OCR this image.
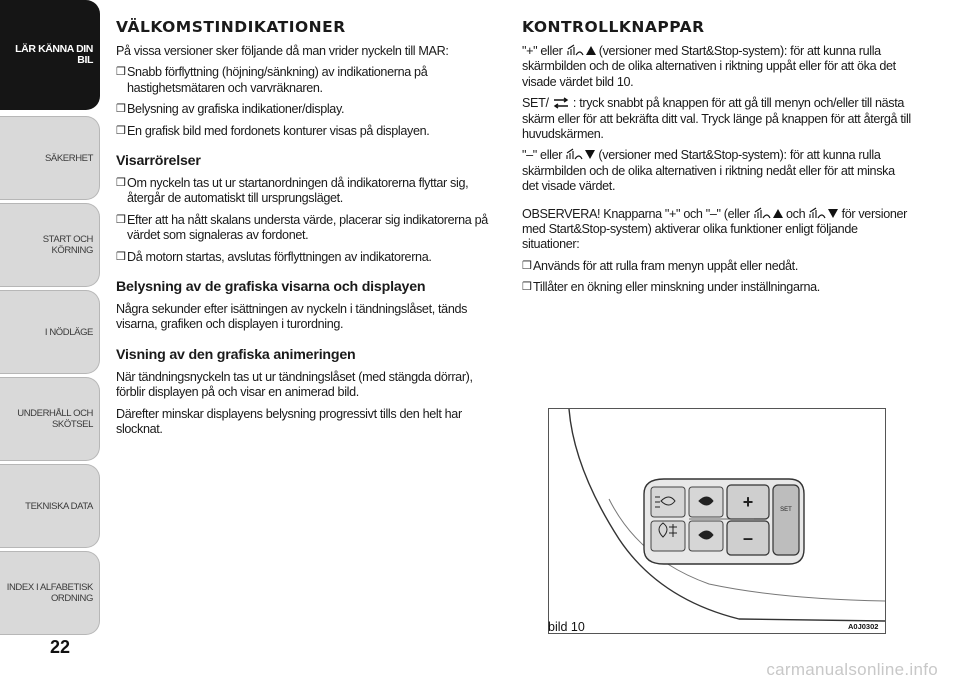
LÄR KÄNNA DIN
BIL
SÄKERHET
START OCH
KÖRNING
I NÖDLÄGE
UNDERHÅLL OCH
SKÖTSEL
TEKNISKA DATA
INDEX I ALFABETISK
ORDNING
22
VÄLKOMSTINDIKATIONER

På vissa versioner sker följande då man vrider nyckeln till MAR:

❒ Snabb förflyttning (höjning/sänkning) av indikationerna på hastighetsmätaren och varvräknaren.
❒ Belysning av grafiska indikationer/display.
❒ En grafisk bild med fordonets konturer visas på displayen.
Visarrörelser
❒ Om nyckeln tas ut ur startanordningen då indikatorerna flyttar sig, återgår de automatiskt till ursprungsläget.
❒ Efter att ha nått skalans understa värde, placerar sig indikatorerna på värdet som signaleras av fordonet.
❒ Då motorn startas, avslutas förflyttningen av indikatorerna.
Belysning av de grafiska visarna och displayen

Några sekunder efter isättningen av nyckeln i tändningslåset, tänds visarna, grafiken och displayen i turordning.

Visning av den grafiska animeringen

När tändningsnyckeln tas ut ur tändningslåset (med stängda dörrar), förblir displayen på och visar en animerad bild.

Därefter minskar displayens belysning progressivt tills den helt har slocknat.

KONTROLLKNAPPAR

"+" eller	(versioner med Start&Stop-system): för att kunna rulla skärmbilden och de olika alternativen i riktning uppåt eller för att öka det visade värdet bild 10.

SET/ : tryck snabbt på knappen för att gå till menyn och/eller till nästa skärm eller för att bekräfta ditt val. Tryck länge på knappen för att återgå till huvudskärmen.

"–" eller	(versioner med Start&Stop-system): för att kunna rulla skärmbilden och de olika alternativen i riktning nedåt eller för att minska det visade värdet.

OBSERVERA! Knapparna "+" och "–" (eller	och	för versioner med Start&Stop-system) aktiverar olika funktioner enligt följande situationer:

❒ Används för att rulla fram menyn uppåt eller nedåt.
❒ Tillåter en ökning eller minskning under inställningarna.
+
–
SET
bild 10	A0J0302
carmanualsonline.info
